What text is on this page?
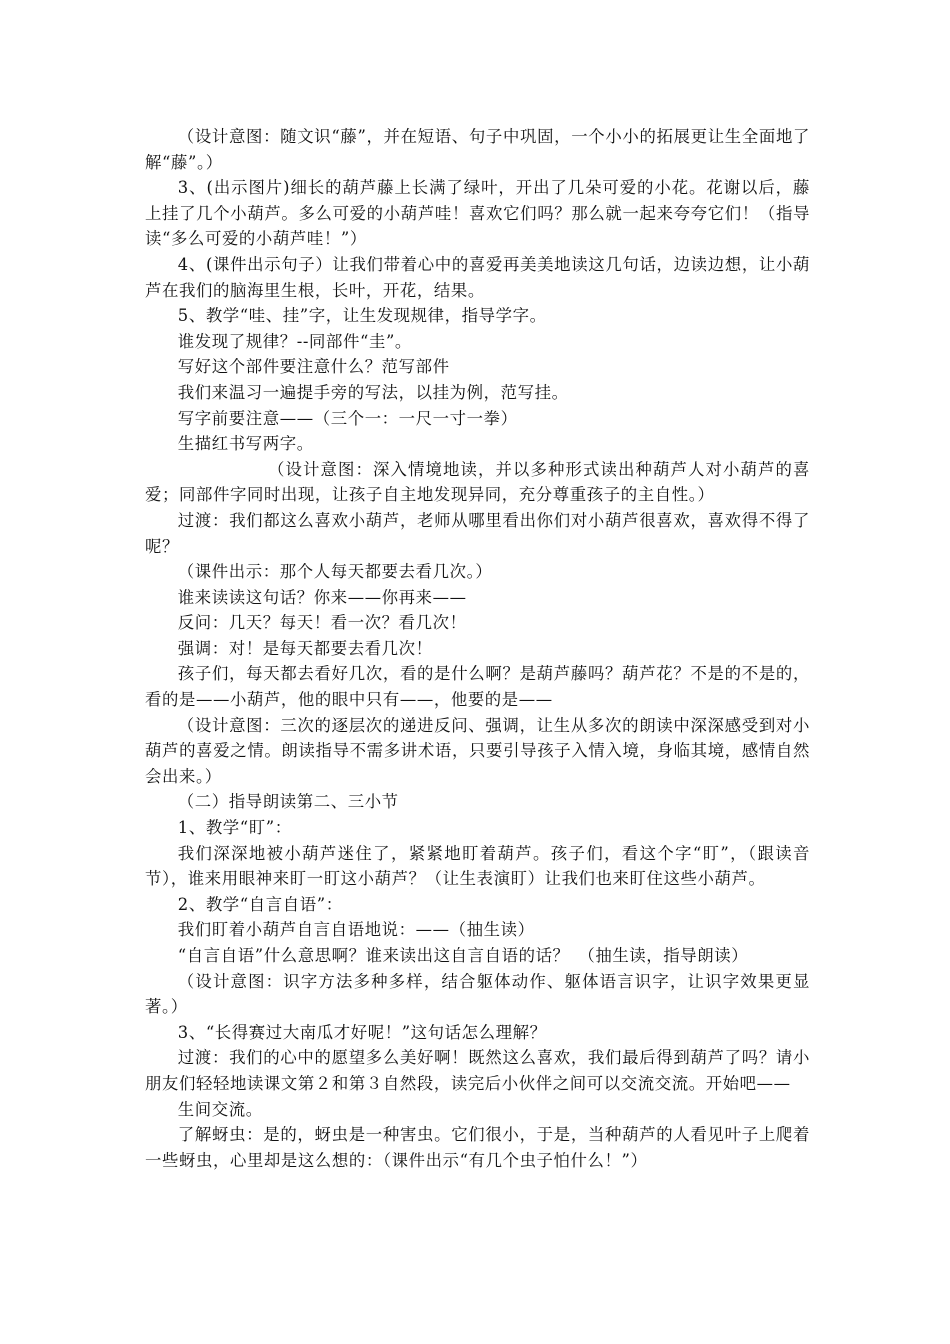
（设计意图：随文识“藤”，并在短语、句子中巩固，一个小小的拓展更让生全面地了解“藤”。）

3、(出示图片)细长的葫芦藤上长满了绿叶，开出了几朵可爱的小花。花谢以后，藤上挂了几个小葫芦。多么可爱的小葫芦哇！喜欢它们吗？那么就一起来夸夸它们！（指导读“多么可爱的小葫芦哇！”）

4、(课件出示句子）让我们带着心中的喜爱再美美地读这几句话，边读边想，让小葫芦在我们的脑海里生根，长叶，开花，结果。

5、教学“哇、挂”字，让生发现规律，指导学字。

谁发现了规律？--同部件“圭”。

写好这个部件要注意什么？范写部件

我们来温习一遍提手旁的写法，以挂为例，范写挂。

写字前要注意——（三个一：一尺一寸一拳）

生描红书写两字。

（设计意图：深入情境地读，并以多种形式读出种葫芦人对小葫芦的喜爱；同部件字同时出现，让孩子自主地发现异同，充分尊重孩子的主自性。）

过渡：我们都这么喜欢小葫芦，老师从哪里看出你们对小葫芦很喜欢，喜欢得不得了呢？

（课件出示：那个人每天都要去看几次。）

谁来读读这句话？你来——你再来——

反问：几天？每天！看一次？看几次！

强调：对！是每天都要去看几次！

孩子们，每天都去看好几次，看的是什么啊？是葫芦藤吗？葫芦花？不是的不是的，看的是——小葫芦，他的眼中只有——，他要的是——

（设计意图：三次的逐层次的递进反问、强调，让生从多次的朗读中深深感受到对小葫芦的喜爱之情。朗读指导不需多讲术语，只要引导孩子入情入境，身临其境，感情自然会出来。）

（二）指导朗读第二、三小节

1、教学“盯”：

我们深深地被小葫芦迷住了，紧紧地盯着葫芦。孩子们，看这个字“盯”，（跟读音节），谁来用眼神来盯一盯这小葫芦？（让生表演盯）让我们也来盯住这些小葫芦。

2、教学“自言自语”：

我们盯着小葫芦自言自语地说：——（抽生读）

“自言自语”什么意思啊？谁来读出这自言自语的话？　（抽生读，指导朗读）

（设计意图：识字方法多种多样，结合躯体动作、躯体语言识字，让识字效果更显著。）

3、“长得赛过大南瓜才好呢！”这句话怎么理解？

过渡：我们的心中的愿望多么美好啊！既然这么喜欢，我们最后得到葫芦了吗？请小朋友们轻轻地读课文第２和第３自然段，读完后小伙伴之间可以交流交流。开始吧——

生间交流。

了解蚜虫：是的，蚜虫是一种害虫。它们很小，于是，当种葫芦的人看见叶子上爬着一些蚜虫，心里却是这么想的：（课件出示“有几个虫子怕什么！”）
